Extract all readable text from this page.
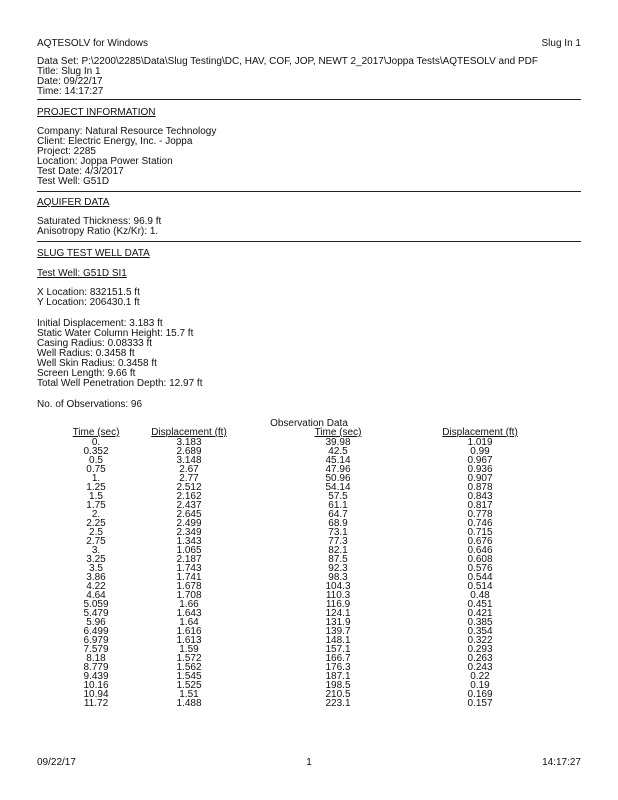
AQTESOLV for Windows	Slug In 1
Data Set: P:\2200\2285\Data\Slug Testing\DC, HAV, COF, JOP, NEWT 2_2017\Joppa Tests\AQTESOLV and PDF
Title: Slug In 1
Date: 09/22/17
Time: 14:17:27
PROJECT INFORMATION
Company: Natural Resource Technology
Client: Electric Energy, Inc. - Joppa
Project: 2285
Location: Joppa Power Station
Test Date: 4/3/2017
Test Well: G51D
AQUIFER DATA
Saturated Thickness: 96.9 ft
Anisotropy Ratio (Kz/Kr): 1.
SLUG TEST WELL DATA
Test Well: G51D SI1
X Location: 832151.5 ft
Y Location: 206430.1 ft
Initial Displacement: 3.183 ft
Static Water Column Height: 15.7 ft
Casing Radius: 0.08333 ft
Well Radius: 0.3458 ft
Well Skin Radius: 0.3458 ft
Screen Length: 9.66 ft
Total Well Penetration Depth: 12.97 ft
No. of Observations: 96
Observation Data
Time (sec)	Displacement (ft)	Time (sec)	Displacement (ft)
0.	3.183	39.98	1.019
0.352	2.689	42.5	0.99
0.5	3.148	45.14	0.967
0.75	2.67	47.96	0.936
1.	2.77	50.96	0.907
1.25	2.512	54.14	0.878
1.5	2.162	57.5	0.843
1.75	2.437	61.1	0.817
2.	2.645	64.7	0.778
2.25	2.499	68.9	0.746
2.5	2.349	73.1	0.715
2.75	1.343	77.3	0.676
3.	1.065	82.1	0.646
3.25	2.187	87.5	0.608
3.5	1.743	92.3	0.576
3.86	1.741	98.3	0.544
4.22	1.678	104.3	0.514
4.64	1.708	110.3	0.48
5.059	1.66	116.9	0.451
5.479	1.643	124.1	0.421
5.96	1.64	131.9	0.385
6.499	1.616	139.7	0.354
6.979	1.613	148.1	0.322
7.579	1.59	157.1	0.293
8.18	1.572	166.7	0.263
8.779	1.562	176.3	0.243
9.439	1.545	187.1	0.22
10.16	1.525	198.5	0.19
10.94	1.51	210.5	0.169
11.72	1.488	223.1	0.157
09/22/17	1	14:17:27
